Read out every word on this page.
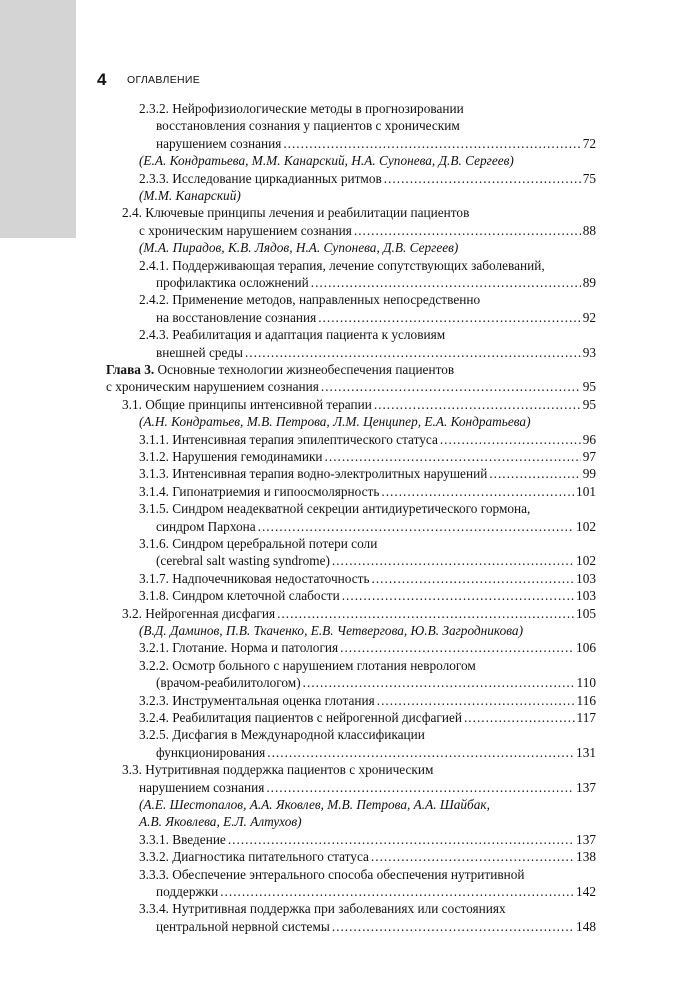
4 ОГЛАВЛЕНИЕ
2.3.2. Нейрофизиологические методы в прогнозировании
восстановления сознания у пациентов с хроническим
нарушением сознания .....	72
(Е.А. Кондратьева, М.М. Канарский, Н.А. Супонева, Д.В. Сергеев)
2.3.3. Исследование циркадианных ритмов .....	75
(М.М. Канарский)
2.4. Ключевые принципы лечения и реабилитации пациентов
с хроническим нарушением сознания .....	88
(М.А. Пирадов, К.В. Лядов, Н.А. Супонева, Д.В. Сергеев)
2.4.1. Поддерживающая терапия, лечение сопутствующих заболеваний,
профилактика осложнений .....	89
2.4.2. Применение методов, направленных непосредственно
на восстановление сознания .....	92
2.4.3. Реабилитация и адаптация пациента к условиям
внешней среды .....	93
Глава 3. Основные технологии жизнеобеспечения пациентов
с хроническим нарушением сознания .....	95
3.1. Общие принципы интенсивной терапии .....	95
(А.Н. Кондратьев, М.В. Петрова, Л.М. Ценципер, Е.А. Кондратьева)
3.1.1. Интенсивная терапия эпилептического статуса .....	96
3.1.2. Нарушения гемодинамики .....	97
3.1.3. Интенсивная терапия водно-электролитных нарушений .....	99
3.1.4. Гипонатриемия и гипоосмолярность .....	101
3.1.5. Синдром неадекватной секреции антидиуретического гормона,
синдром Пархона .....	102
3.1.6. Синдром церебральной потери соли
(cerebral salt wasting syndrome) .....	102
3.1.7. Надпочечниковая недостаточность .....	103
3.1.8. Синдром клеточной слабости .....	103
3.2. Нейрогенная дисфагия .....	105
(В.Д. Даминов, П.В. Ткаченко, Е.В. Четвергова, Ю.В. Загродникова)
3.2.1. Глотание. Норма и патология .....	106
3.2.2. Осмотр больного с нарушением глотания неврологом
(врачом-реабилитологом) .....	110
3.2.3. Инструментальная оценка глотания .....	116
3.2.4. Реабилитация пациентов с нейрогенной дисфагией .....	117
3.2.5. Дисфагия в Международной классификации
функционирования .....	131
3.3. Нутритивная поддержка пациентов с хроническим
нарушением сознания .....	137
(А.Е. Шестопалов, А.А. Яковлев, М.В. Петрова, А.А. Шайбак,
А.В. Яковлева, Е.Л. Алтухов)
3.3.1. Введение .....	137
3.3.2. Диагностика питательного статуса .....	138
3.3.3. Обеспечение энтерального способа обеспечения нутритивной
поддержки .....	142
3.3.4. Нутритивная поддержка при заболеваниях или состояниях
центральной нервной системы .....	148
